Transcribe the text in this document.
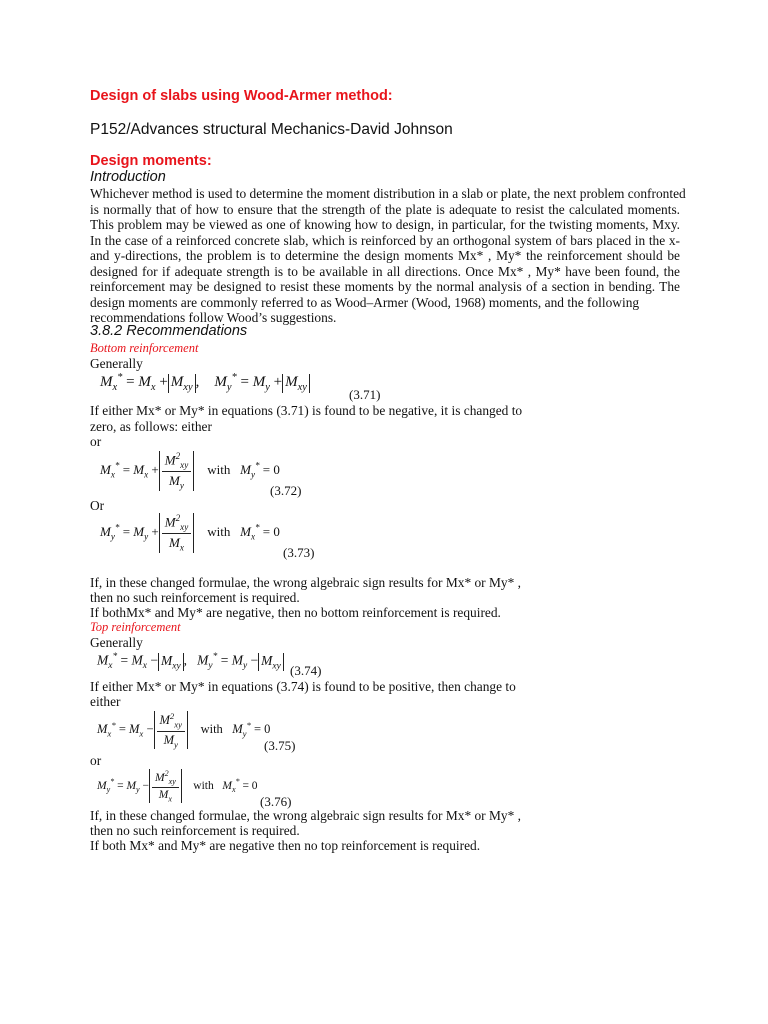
Design of slabs using Wood-Armer method:
P152/Advances structural Mechanics-David Johnson
Design moments:
Introduction
Whichever method is used to determine the moment distribution in a slab or plate, the next problem confronted
is normally that of how to ensure that the strength of the plate is adequate to resist the calculated moments.
This problem may be viewed as one of knowing how to design, in particular, for the twisting moments, Mxy.
In the case of a reinforced concrete slab, which is reinforced by an orthogonal system of bars placed in the x-
and y-directions, the problem is to determine the design moments Mx* , My* the reinforcement should be
designed for if adequate strength is to be available in all directions. Once Mx* , My* have been found, the
reinforcement may be designed to resist these moments by the normal analysis of a section in bending. The
design moments are commonly referred to as Wood–Armer (Wood, 1968) moments, and the following
recommendations follow Wood’s suggestions.
3.8.2 Recommendations
Bottom reinforcement
Generally
$M_x^* = M_x + M_{xy}$ ,    $M_y^* = M_y + M_{xy}$	(3.71)
If either Mx* or My* in equations (3.71) is found to be negative, it is changed to
zero, as follows: either
or
$M_x^* = M_x + \frac{M^2_{xy}}{M_y}$ with   $M_y^* = 0$
(3.72)
Or
$M_y^* = M_y + \frac{M^2_{xy}}{M_x}$ with   $M_x^* = 0$
(3.73)
If, in these changed formulae, the wrong algebraic sign results for Mx* or My* ,
then no such reinforcement is required.
If bothMx* and My* are negative, then no bottom reinforcement is required.
Top reinforcement
Generally
$M_x^* = M_x - M_{xy}$ ,   $M_y^* = M_y - M_{xy}$ (3.74)
If either Mx* or My* in equations (3.74) is found to be positive, then change to
either
$M_x^* = M_x - \frac{M^2_{xy}}{M_y}$ with   $M_y^* = 0$
(3.75)
or
$M_y^* = M_y - \frac{M^2_{xy}}{M_x}$ with   $M_x^* = 0$
(3.76)
If, in these changed formulae, the wrong algebraic sign results for Mx* or My* ,
then no such reinforcement is required.
If both Mx* and My* are negative then no top reinforcement is required.
